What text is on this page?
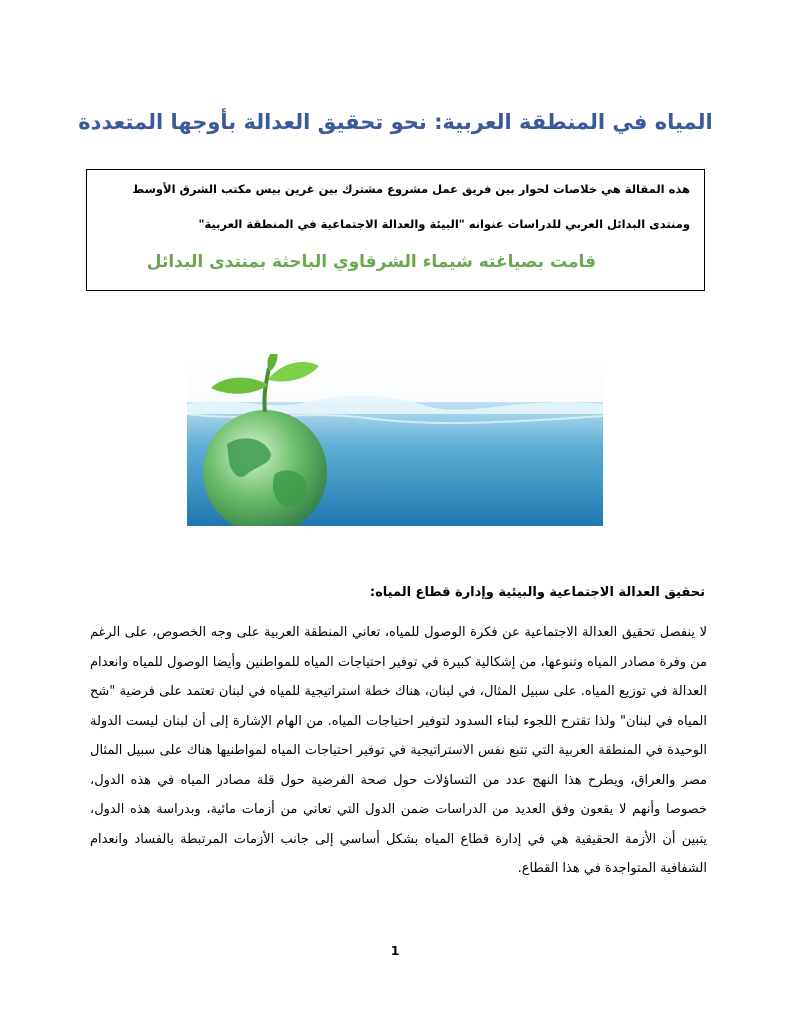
المياه في المنطقة العربية: نحو تحقيق العدالة بأوجها المتعددة
هذه المقالة هي خلاصات لحوار بين فريق عمل مشروع مشترك بين غرين بيس مكتب الشرق الأوسط
ومنتدى البدائل العربي للدراسات عنوانه "البيئة والعدالة الاجتماعية في المنطقة العربية"
قامت بصياغته شيماء الشرقاوي الباحثة بمنتدى البدائل
تحقيق العدالة الاجتماعية والبيئية وإدارة قطاع المياه:
لا ينفصل تحقيق العدالة الاجتماعية عن فكرة الوصول للمياه، تعاني المنطقة العربية على وجه الخصوص، على الرغم من وفرة مصادر المياه وتنوعها، من إشكالية كبيرة في توفير احتياجات المياه للمواطنين وأيضا الوصول للمياه وانعدام العدالة في توزيع المياه. على سبيل المثال، في لبنان، هناك خطة استراتيجية للمياه في لبنان تعتمد على فرضية "شح المياه في لبنان" ولذا تقترح اللجوء لبناء السدود لتوفير احتياجات المياه. من الهام الإشارة إلى أن لبنان ليست الدولة الوحيدة في المنطقة العربية التي تتبع نفس الاستراتيجية في توفير احتياجات المياه لمواطنيها هناك على سبيل المثال مصر والعراق، ويطرح هذا النهج عدد من التساؤلات حول صحة الفرضية حول قلة مصادر المياه في هذه الدول، خصوصا وأنهم لا يقعون وفق العديد من الدراسات ضمن الدول التي تعاني من أزمات مائية، وبدراسة هذه الدول، يتبين أن الأزمة الحقيقية هي في إدارة قطاع المياه بشكل أساسي إلى جانب الأزمات المرتبطة بالفساد وانعدام الشفافية المتواجدة في هذا القطاع.
1
